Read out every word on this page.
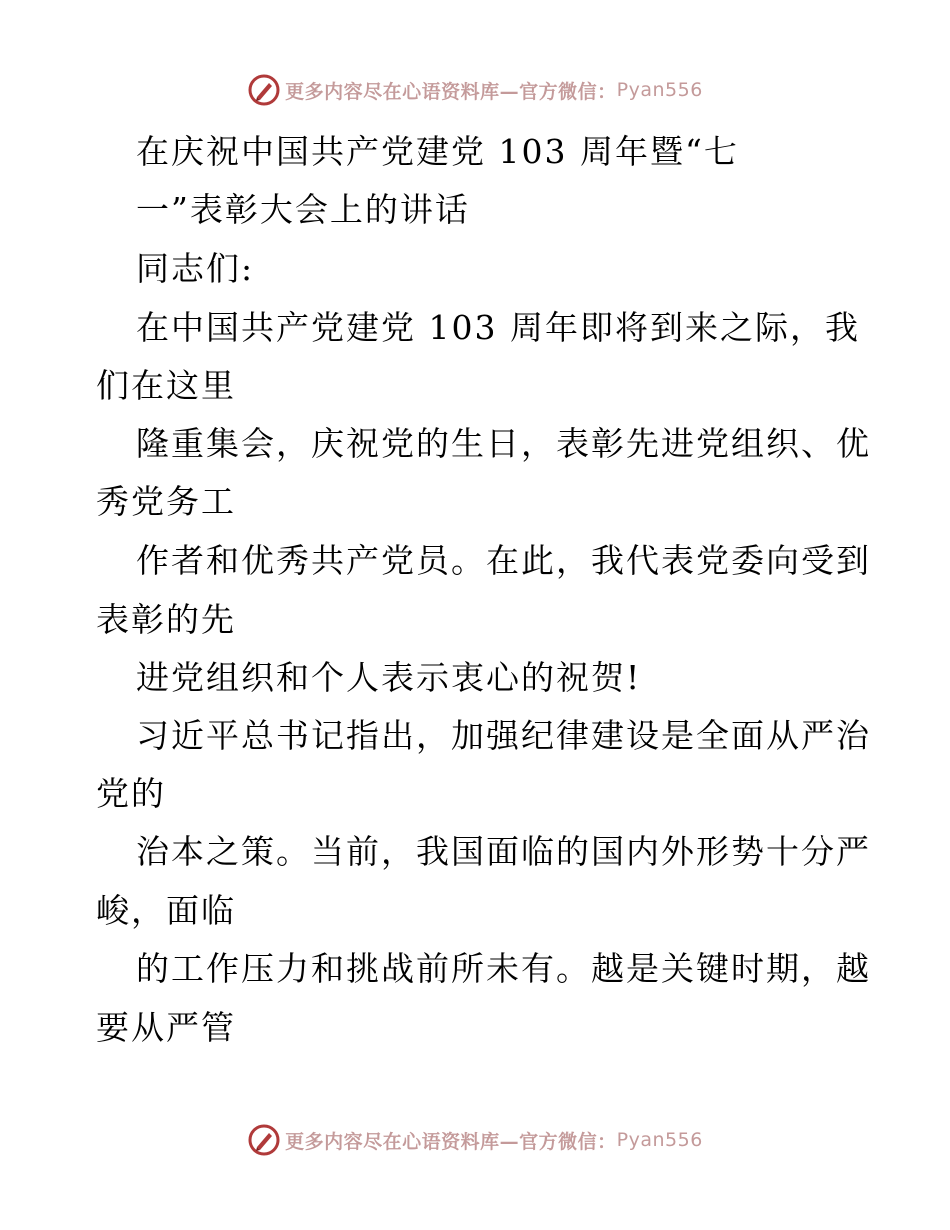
更多内容尽在心语资料库—官方微信： Pyan556
在庆祝中国共产党建党 103 周年暨“七
一”表彰大会上的讲话
同志们:
在中国共产党建党 103 周年即将到来之际，我
们在这里
隆重集会，庆祝党的生日，表彰先进党组织、优
秀党务工
作者和优秀共产党员。在此，我代表党委向受到
表彰的先
进党组织和个人表示衷心的祝贺!
习近平总书记指出，加强纪律建设是全面从严治
党的
治本之策。当前，我国面临的国内外形势十分严
峻，面临
的工作压力和挑战前所未有。越是关键时期，越
要从严管
更多内容尽在心语资料库—官方微信： Pyan556
